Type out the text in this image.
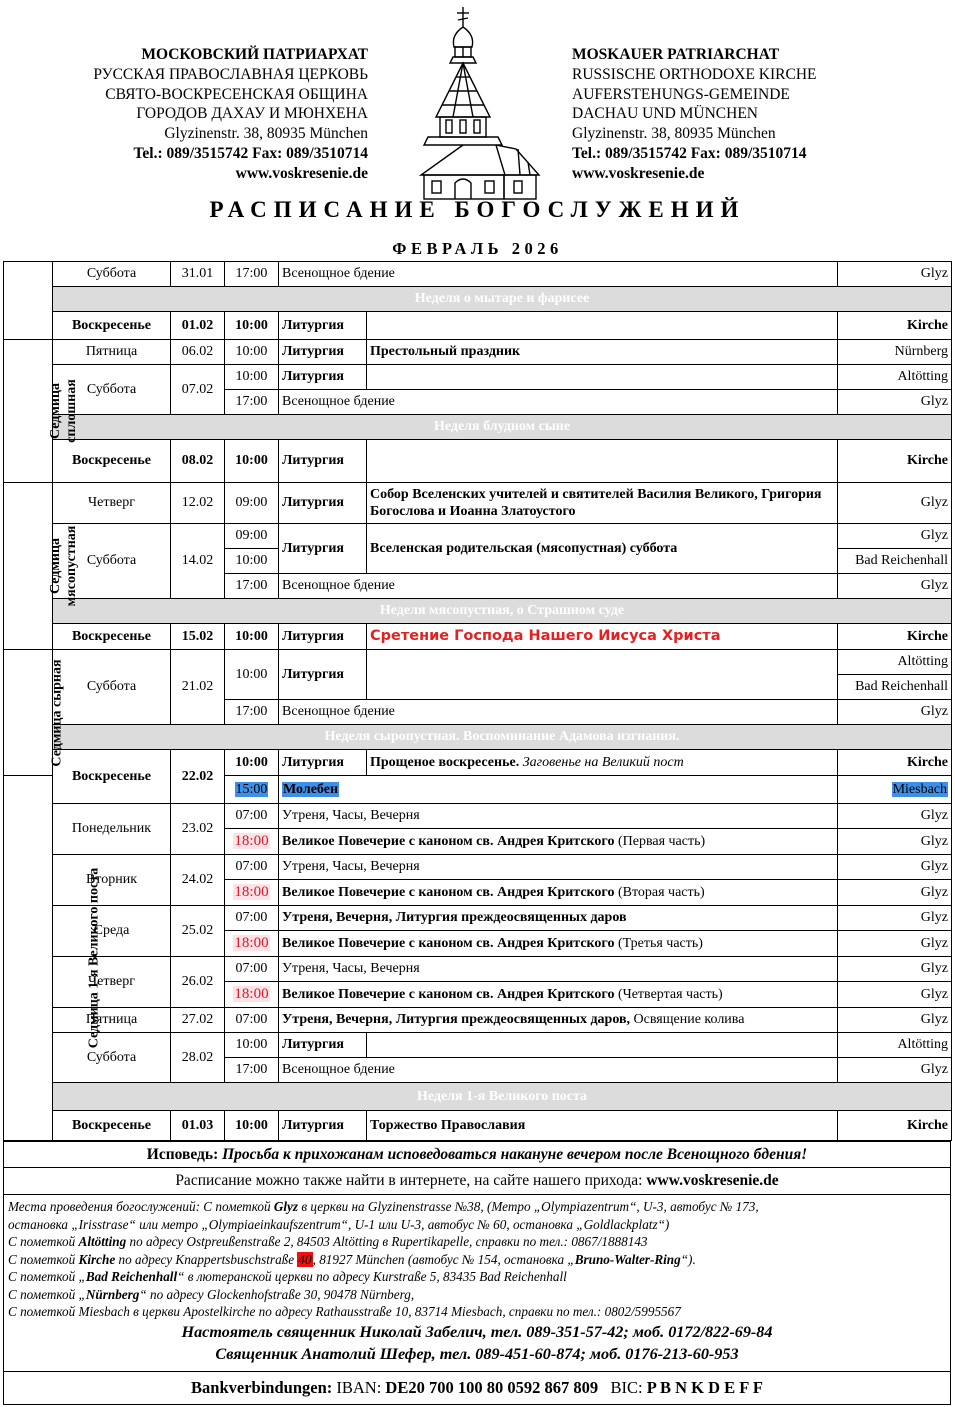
МОСКОВСКИЙ ПАТРИАРХАТ
РУССКАЯ ПРАВОСЛАВНАЯ ЦЕРКОВЬ
СВЯТО-ВОСКРЕСЕНСКАЯ ОБЩИНА
ГОРОДОВ ДАХАУ И МЮНХЕНА
Glyzinenstr. 38, 80935 München
Tel.: 089/3515742 Fax: 089/3510714
www.voskresenie.de
MOSKAUER PATRIARCHAT
RUSSISCHE ORTHODOXE KIRCHE
AUFERSTEHUNGS-GEMEINDE
DACHAU UND MÜNCHEN
Glyzinenstr. 38, 80935 München
Tel.: 089/3515742 Fax: 089/3510714
www.voskresenie.de
РАСПИСАНИЕ БОГОСЛУЖЕНИЙ
ФЕВРАЛЬ 2026
	Суббота	31.01	17:00	Всенощное бдение		Glyz
	Неделя о мытаре и фарисее					
	Воскресенье	01.02	10:00	Литургия		Kirche
Седмица сплошная	Пятница	06.02	10:00	Литургия	Престольный праздник	Nürnberg
	Суббота	07.02	10:00	Литургия		Altötting
			17:00	Всенощное бдение		Glyz
	Неделя блудном сыне					
	Воскресенье	08.02	10:00	Литургия		Kirche
Седмица мясопустная	Четверг	12.02	09:00	Литургия	Собор Вселенских учителей и святителей Василия Великого, Григория Богослова и Иоанна Златоустого	Glyz
	Суббота	14.02	09:00	Литургия	Вселенская родительская (мясопустная) суббота	Glyz
			10:00			Bad Reichenhall
			17:00	Всенощное бдение		Glyz
	Неделя мясопустная, о Страшном суде					
	Воскресенье	15.02	10:00	Литургия	Сретение Господа Нашего Иисуса Христа	Kirche
Седмица сырная	Суббота	21.02	10:00	Литургия		Altötting
						Bad Reichenhall
			17:00	Всенощное бдение		Glyz
	Неделя сыропустная. Воспоминание Адамова изгнания.					
	Воскресенье	22.02	10:00	Литургия	Прощеное воскресенье. Заговенье на Великий пост	Kirche
Седмица 1-я Великого поста			15:00	Молебен		Miesbach
	Понедельник	23.02	07:00	Утреня, Часы, Вечерня		Glyz
			18:00	Великое Повечерие с каноном св. Андрея Критского (Первая часть)		Glyz
	Вторник	24.02	07:00	Утреня, Часы, Вечерня		Glyz
			18:00	Великое Повечерие с каноном св. Андрея Критского (Вторая часть)		Glyz
	Среда	25.02	07:00	Утреня, Вечерня, Литургия преждеосвященных даров		Glyz
			18:00	Великое Повечерие с каноном св. Андрея Критского (Третья часть)		Glyz
	Четверг	26.02	07:00	Утреня, Часы, Вечерня		Glyz
			18:00	Великое Повечерие с каноном св. Андрея Критского (Четвертая часть)		Glyz
	Пятница	27.02	07:00	Утреня, Вечерня, Литургия преждеосвященных даров, Освящение колива		Glyz
	Суббота	28.02	10:00	Литургия		Altötting
			17:00	Всенощное бдение		Glyz
	Неделя 1-я Великого поста					
	Воскресенье	01.03	10:00	Литургия	Торжество Православия	Kirche
Исповедь: Просьба к прихожанам исповедоваться накануне вечером после Всенощного бдения!
Расписание можно также найти в интернете, на сайте нашего прихода: www.voskresenie.de
Места проведения богослужений: С пометкой Glyz в церкви на Glyzinenstrasse №38, (Метро „Olympiazentrum“, U-3, автобус № 173,
остановка „Irisstrase“ или метро „Olympiaeinkaufszentrum“, U-1 или U-3, автобус № 60, остановка „Goldlackplatz“)
С пометкой Altötting по адресу Ostpreußenstraße 2, 84503 Altötting в Rupertikapelle, справки по тел.: 0867/1888143
С пометкой Kirche по адресу Knappertsbuschstraße 40, 81927 München (автобус № 154, остановка „Bruno-Walter-Ring“).
С пометкой „Bad Reichenhall“ в лютеранской церкви по адресу Kurstraße 5, 83435 Bad Reichenhall
С пометкой „Nürnberg“ по адресу Glockenhofstraße 30, 90478 Nürnberg,
С пометкой Miesbach в церкви Apostelkirche по адресу Rathausstraße 10, 83714 Miesbach, справки по тел.: 0802/5995567
Настоятель священник Николай Забелич, тел. 089-351-57-42; моб. 0172/822-69-84
Священник Анатолий Шефер, тел. 089-451-60-874; моб. 0176-213-60-953
Bankverbindungen: IBAN: DE20 700 100 80 0592 867 809 BIC: P B N K D E F F
